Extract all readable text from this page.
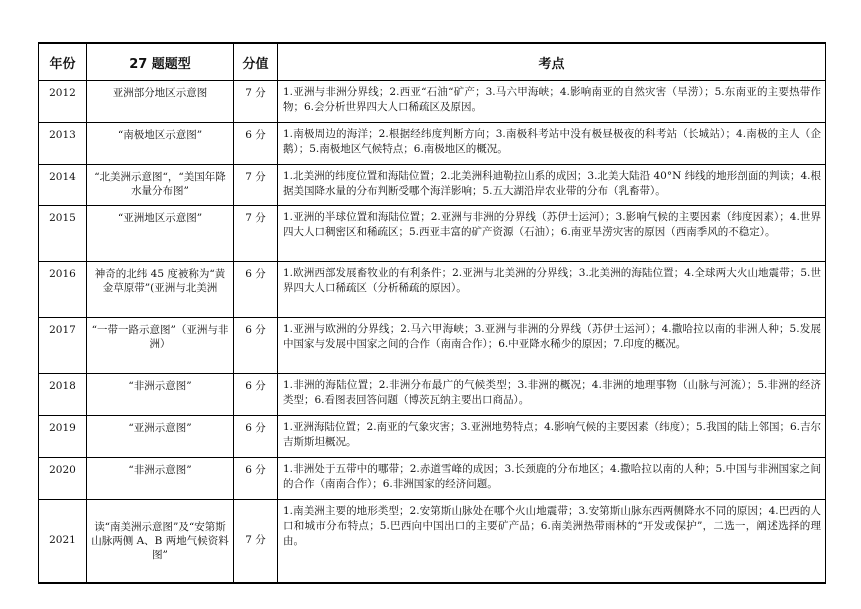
年份	27 题题型	分值	考点
2012	亚洲部分地区示意图	7 分	1.亚洲与非洲分界线；2.西亚“石油“矿产；3.马六甲海峡；4.影响南亚的自然灾害（旱涝）；5.东南亚的主要热带作物；6.会分析世界四大人口稀疏区及原因。
2013	“南极地区示意图”	6 分	1.南极周边的海洋；2.根据经纬度判断方向；3.南极科考站中没有极昼极夜的科考站（长城站）；4.南极的主人（企鹅）；5.南极地区气候特点；6.南极地区的概况。
2014	“北美洲示意图“，“美国年降水量分布图”	7 分	1.北美洲的纬度位置和海陆位置；2.北美洲科迪勒拉山系的成因；3.北美大陆沿 40°N 纬线的地形剖面的判读；4.根据美国降水量的分布判断受哪个海洋影响；5.五大湖沿岸农业带的分布（乳畜带）。
2015	“亚洲地区示意图”	7 分	1.亚洲的半球位置和海陆位置；2.亚洲与非洲的分界线（苏伊士运河）；3.影响气候的主要因素（纬度因素）；4.世界四大人口稠密区和稀疏区；5.西亚丰富的矿产资源（石油）；6.南亚旱涝灾害的原因（西南季风的不稳定）。
2016	神奇的北纬 45 度被称为“黄金草原带”(亚洲与北美洲	6 分	1.欧洲西部发展畜牧业的有利条件；2.亚洲与北美洲的分界线；3.北美洲的海陆位置；4.全球两大火山地震带；5.世界四大人口稀疏区（分析稀疏的原因）。
2017	“一带一路示意图”（亚洲与非洲）	6 分	1.亚洲与欧洲的分界线；2.马六甲海峡；3.亚洲与非洲的分界线（苏伊士运河）；4.撒哈拉以南的非洲人种；5.发展中国家与发展中国家之间的合作（南南合作）；6.中亚降水稀少的原因；7.印度的概况。
2018	“非洲示意图”	6 分	1.非洲的海陆位置；2.非洲分布最广的气候类型；3.非洲的概况；4.非洲的地理事物（山脉与河流）；5.非洲的经济类型；6.看图表回答问题（博茨瓦纳主要出口商品）。
2019	“亚洲示意图”	6 分	1.亚洲海陆位置；2.南亚的气象灾害；3.亚洲地势特点；4.影响气候的主要因素（纬度）；5.我国的陆上邻国；6.吉尔吉斯斯坦概况。
2020	“非洲示意图”	6 分	1.非洲处于五带中的哪带；2.赤道雪峰的成因；3.长颈鹿的分布地区；4.撒哈拉以南的人种；5.中国与非洲国家之间的合作（南南合作）；6.非洲国家的经济问题。
2021	读“南美洲示意图”及“安第斯山脉两侧 A、B 两地气候资料图”	7 分	1.南美洲主要的地形类型；2.安第斯山脉处在哪个火山地震带；3.安第斯山脉东西两侧降水不同的原因；4.巴西的人口和城市分布特点；5.巴西向中国出口的主要矿产品；6.南美洲热带雨林的“开发或保护”，二选一，阐述选择的理由。
